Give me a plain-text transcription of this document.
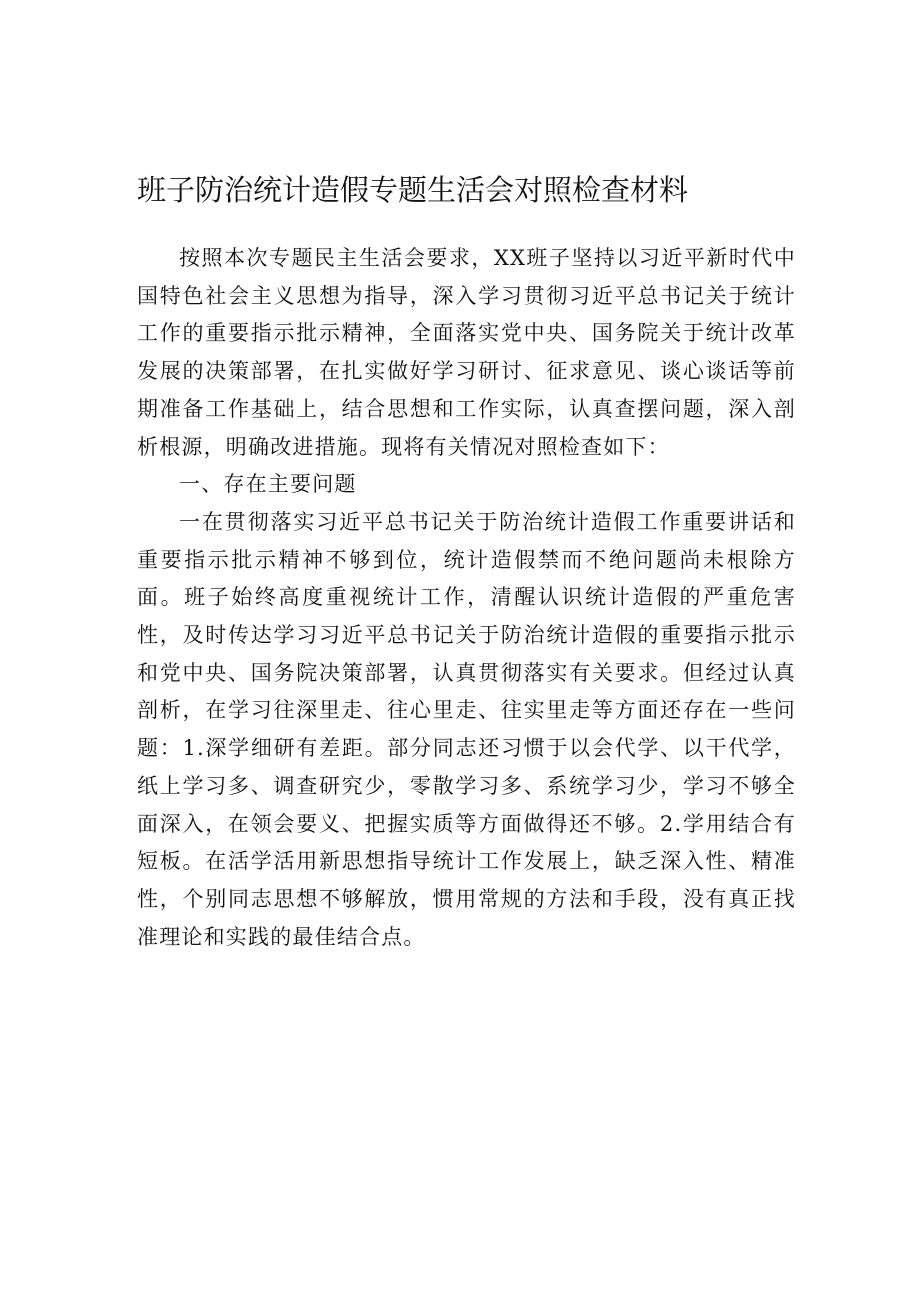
班子防治统计造假专题生活会对照检查材料

按照本次专题民主生活会要求，XX班子坚持以习近平新时代中国特色社会主义思想为指导，深入学习贯彻习近平总书记关于统计工作的重要指示批示精神，全面落实党中央、国务院关于统计改革发展的决策部署，在扎实做好学习研讨、征求意见、谈心谈话等前期准备工作基础上，结合思想和工作实际，认真查摆问题，深入剖析根源，明确改进措施。现将有关情况对照检查如下：

一、存在主要问题

一在贯彻落实习近平总书记关于防治统计造假工作重要讲话和重要指示批示精神不够到位，统计造假禁而不绝问题尚未根除方面。班子始终高度重视统计工作，清醒认识统计造假的严重危害性，及时传达学习习近平总书记关于防治统计造假的重要指示批示和党中央、国务院决策部署，认真贯彻落实有关要求。但经过认真剖析，在学习往深里走、往心里走、往实里走等方面还存在一些问题：1.深学细研有差距。部分同志还习惯于以会代学、以干代学，纸上学习多、调查研究少，零散学习多、系统学习少，学习不够全面深入，在领会要义、把握实质等方面做得还不够。2.学用结合有短板。在活学活用新思想指导统计工作发展上，缺乏深入性、精准性，个别同志思想不够解放，惯用常规的方法和手段，没有真正找准理论和实践的最佳结合点。
